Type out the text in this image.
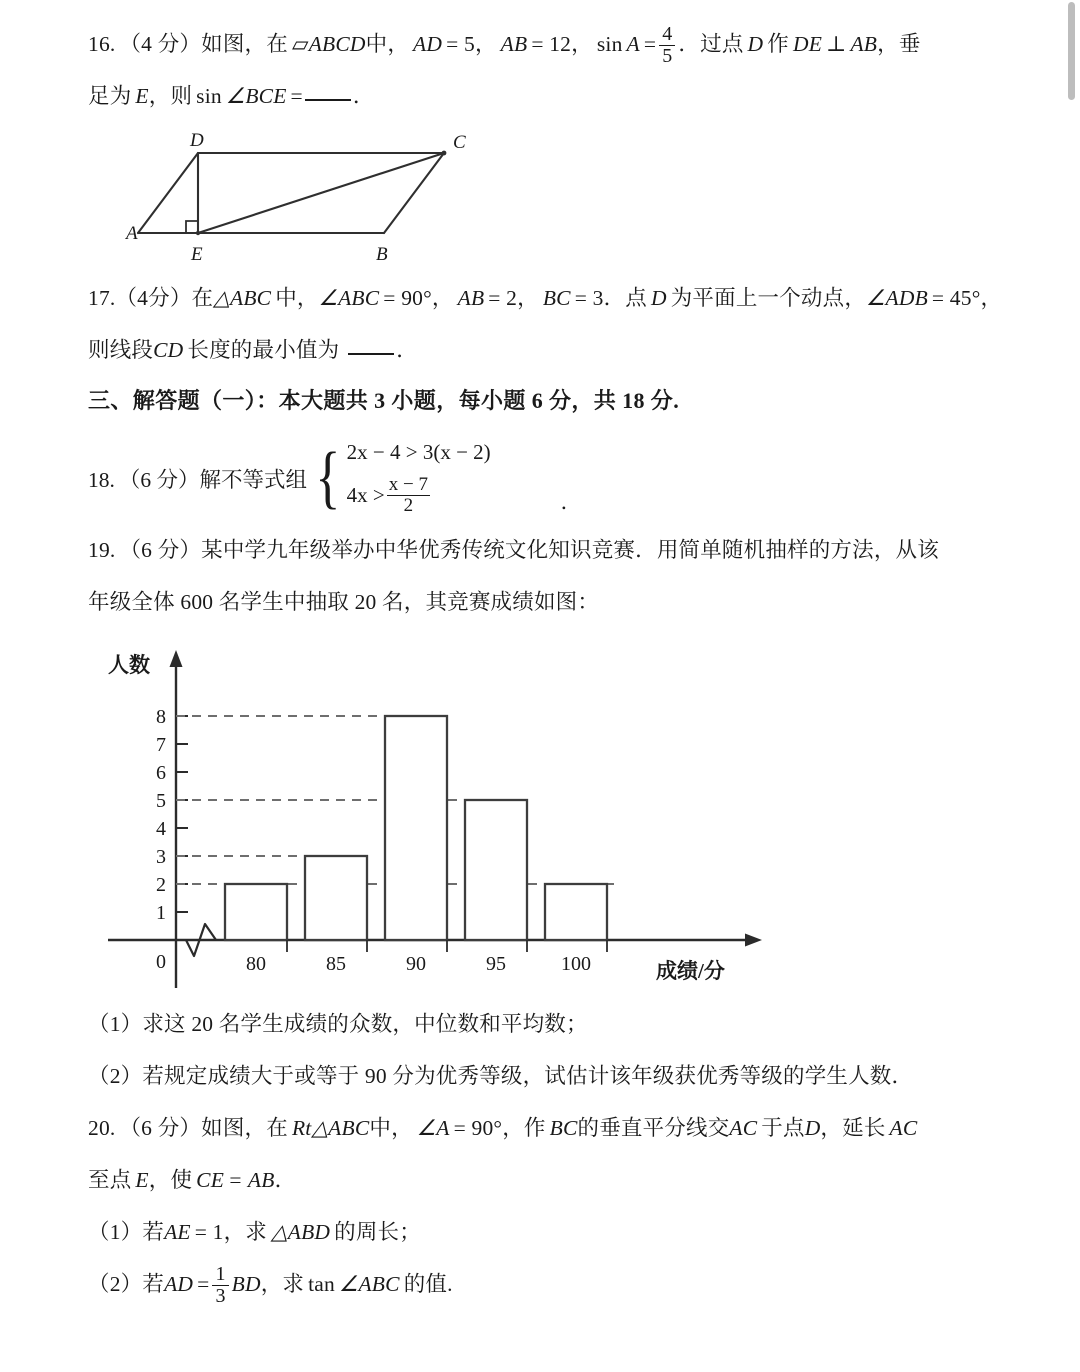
16. （4 分）如图，在 ▱ABCD中， AD = 5， AB = 12， $\sin A = \frac{4}{5}$ ．过点 D 作 DE ⊥ AB，垂
足为 E，则 sin ∠BCE = ．
A
B
C
D
E
17.（4分）在△ABC 中，∠ABC = 90°， AB = 2， BC = 3．点 D 为平面上一个动点，∠ADB = 45°，
则线段CD 长度的最小值为	．
三、解答题（一）：本大题共 3 小题，每小题 6 分，共 18 分.
18. （6 分）解不等式组 { 2x − 4 > 3(x − 2)
$4x > \frac{x - 7}{2}$	．
19. （6 分）某中学九年级举办中华优秀传统文化知识竞赛．用简单随机抽样的方法，从该
年级全体 600 名学生中抽取 20 名，其竞赛成绩如图：
1
2
3
4
5
6
7
8
0	80	85	90	95	100
人数
成绩/分
（1）求这 20 名学生成绩的众数，中位数和平均数；
（2）若规定成绩大于或等于 90 分为优秀等级，试估计该年级获优秀等级的学生人数．
20. （6 分）如图，在 Rt△ABC中， ∠A = 90°，作 BC的垂直平分线交AC 于点D，延长 AC
至点 E，使 CE = AB．
（1）若AE = 1，求 △ABD 的周长；
（2）若AD = $\frac{1}{3}$ BD，求 tan ∠ABC 的值.
